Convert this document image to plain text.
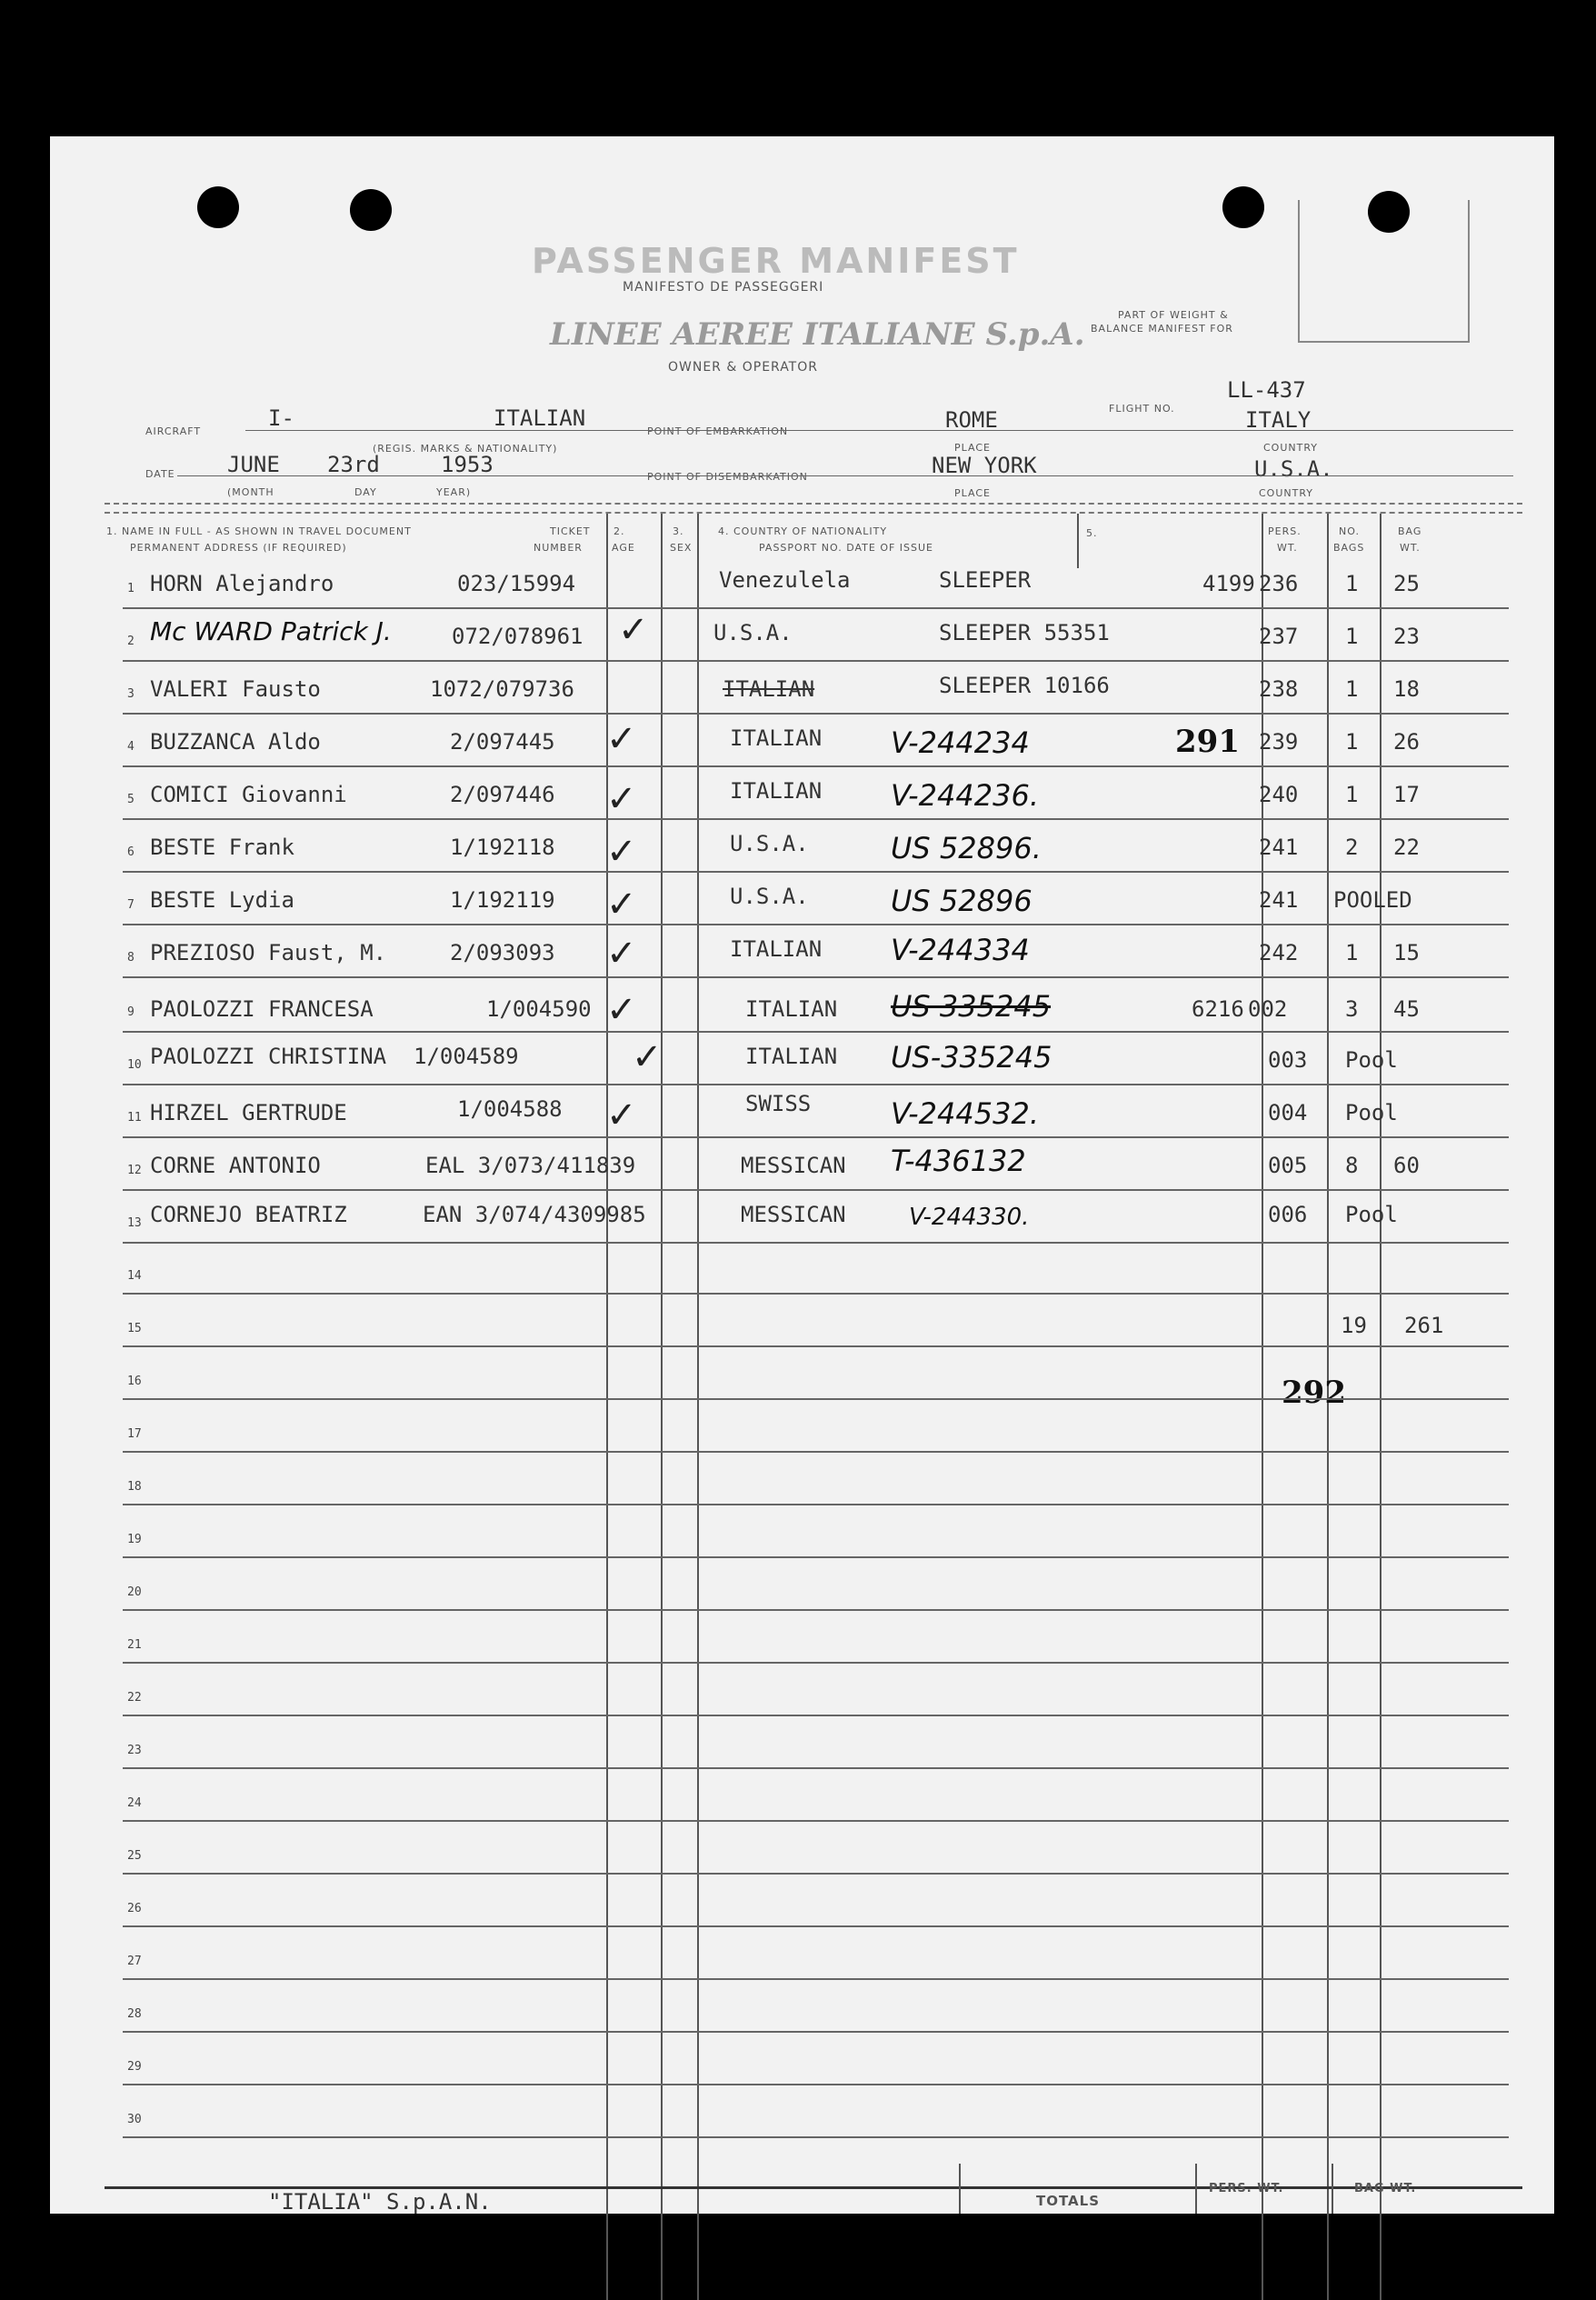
PASSENGER MANIFEST
MANIFESTO DE PASSEGGERI
LINEE AEREE ITALIANE S.p.A.
OWNER & OPERATOR
PART OF WEIGHT &
BALANCE MANIFEST FOR
FLIGHT NO.
LL-437
AIRCRAFT
I-	ITALIAN
(REGIS. MARKS & NATIONALITY)
POINT OF EMBARKATION	ROME	ITALY
PLACE	COUNTRY
DATE JUNE 23rd	1953
(MONTH	DAY	YEAR)
POINT OF DISEMBARKATION	NEW YORK	U.S.A.
PLACE	COUNTRY
1. NAME IN FULL - AS SHOWN IN TRAVEL DOCUMENT
PERMANENT ADDRESS (IF REQUIRED)
TICKET
NUMBER
2.
AGE
3.
SEX
4. COUNTRY OF NATIONALITY
PASSPORT NO. DATE OF ISSUE
5.	PERS.
WT.
NO.
BAGS
BAG
WT.
1 HORN Alejandro	023/15994	Venezulela	SLEEPER	4199 236 1 25
2 Mc WARD Patrick J.	072/078961 ✓	U.S.A.	SLEEPER 55351	237 1 23
3 VALERI Fausto	1072/079736	ITALIAN	SLEEPER 10166	238 1 18
4 BUZZANCA Aldo	2/097445 ✓	ITALIAN V-244234	291 239 1 26
5 COMICI Giovanni	2/097446 ✓	ITALIAN V-244236.	240 1 17
6 BESTE Frank	1/192118 ✓	U.S.A.	US 52896.	241 2 22
7 BESTE Lydia	1/192119 ✓	U.S.A.	US 52896	241 POOLED
8 PREZIOSO Faust, M.	2/093093 ✓	ITALIAN V-244334	242 1 15
9 PAOLOZZI FRANCESA	1/004590 ✓	ITALIAN US 335245	6216 002	3 45
10 PAOLOZZI CHRISTINA 1/004589	✓	ITALIAN US-335245	003 Pool
11 HIRZEL GERTRUDE	1/004588 ✓	SWISS	V-244532.	004 Pool
12 CORNE ANTONIO	EAL 3/073/411839	MESSICAN T-436132	005 8 60
13 CORNEJO BEATRIZ	EAN 3/074/4309985	MESSICAN	V-244330.	006 Pool
14
15	19 261
16	292
17
18
19
20
21
22
23
24
25
26
27
28
29
30
"ITALIA" S.p.A.N.	TOTALS
PERS. WT.	BAG WT.
